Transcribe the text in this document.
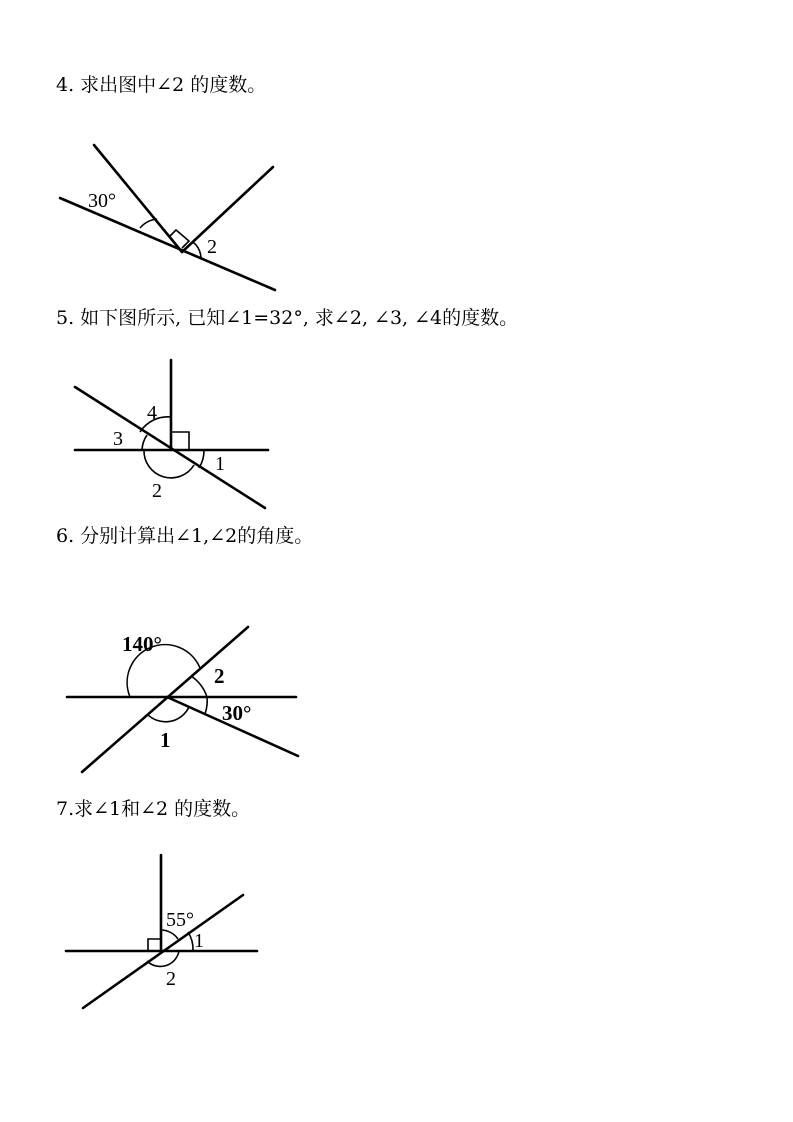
4. 求出图中∠2 的度数。
30°
2
5. 如下图所示, 已知∠1=32°, 求∠2, ∠3, ∠4的度数。
4
3
1
2
6. 分别计算出∠1,∠2的角度。
140°
2
30°
1
7.求∠1和∠2 的度数。
55°
1
2
